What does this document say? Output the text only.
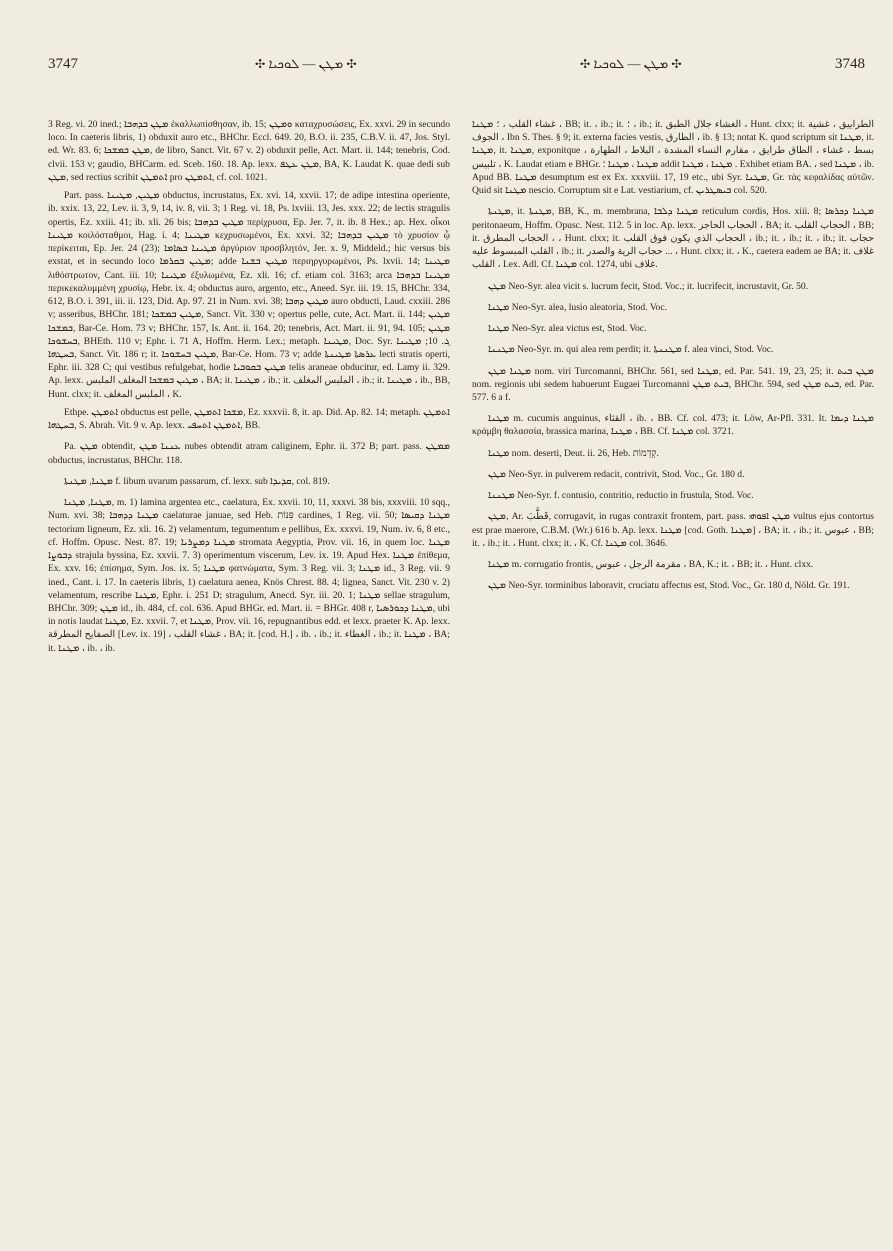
3747	✣ ܡܛܢ — ܠܘܟܝܐ ✣	✣ ܡܛܢ — ܠܘܟܝܐ ✣	3748

3 Reg. vi. 20 ined.; ܡܛܢ ܒܕܗܒܐ ἐκαλλωπίσθησαν, ib. 15; ܘܡܛܢ καταχρυσώσεις, Ex. xxvi. 29 in secundo loco. In caeteris libris, 1) obduxit auro etc., BHChr. Eccl. 649. 20, B.O. ii. 235, C.B.V. ii. 47, Jos. Styl. ed. Wr. 83. 6; ܡܛܢ ܒܡܫܟܐ, de libro, Sanct. Vit. 67 v. 2) obduxit pelle, Act. Mart. ii. 144; tenebris, Cod. clvii. 153 v; gaudio, BHCarm. ed. Sceb. 160. 18. Ap. lexx. ܡܛܢ ܥܛܦ, BA, K. Laudat K. quae dedi sub ܡܛܢ, sed rectius scribit ܐܬܡܛܢ pro ܐܬܡܛܢ, cf. col. 1021.

Part. pass. ܡܛܝܢ, ܡܛܝܢܐ obductus, incrustatus, Ex. xvi. 14, xxvii. 17; de adipe intestina operiente, ib. xxix. 13, 22, Lev. ii. 3, 9, 14, iv. 8, vii. 3; 1 Reg. vi. 18, Ps. lxviii. 13, Jes. xxx. 22; de lectis stragulis opertis, Ez. xxiii. 41; ib. xli. 26 bis; ܡܛܝܢ ܒܕܗܒܐ περίχρυσα, Ep. Jer. 7, it. ib. 8 Hex.; ap. Hex. οἶκοι ܡܛܝܢܐ κοιλόσταθμοι, Hag. i. 4; ܡܛܝܢܐ κεχρυσωμένοι, Ex. xxvi. 32; ܡܛܝܢ ܒܕܗܒܐ τὸ χρυσίον ᾧ περίκειται, Ep. Jer. 24 (23); ܡܛܝܢܐ ܒܣܐܡܐ ἀργύριον προσβλητόν, Jer. x. 9, Middeld.; hic versus bis exstat, et in secundo loco ܡܛܝܢ ܒܩܪܡܐ; adde ܡܛܝܢ ܒܫܢܐ περιηργυρωμένοι, Ps. lxvii. 14; ܡܛܝܢܐ λιθόστρωτον, Cant. iii. 10; ܡܛܝܢܐ ἐξυλωμένα, Ez. xli. 16; cf. etiam col. 3163; arca ܡܛܝܢܐ ܒܕܗܒܐ περικεκαλυμμένη χρυσίῳ, Hebr. ix. 4; obductus auro, argento, etc., Aneed. Syr. iii. 19. 15, BHChr. 334, 612, B.O. i. 391, iii. ii. 123, Did. Ap. 97. 21 in Num. xvi. 38; ܡܛܝܢ ܕܗܒܐ auro obducti, Laud. cxxiii. 286 v; asseribus, BHChr. 181; ܡܛܝܢ ܒܡܫܟܐ, Sanct. Vit. 330 v; opertus pelle, cute, Act. Mart. ii. 144; ܡܛܝܢ ܒܡܫܟܐ, Bar-Ce. Hom. 73 v; BHChr. 157, Is. Ant. ii. 164. 20; tenebris, Act. Mart. ii. 91, 94. 105; ܡܛܝܢ ܒܚܫܘܟܐ, BHEth. 110 v; Ephr. i. 71 A, Hoffm. Herm. Lex.; metaph. ܡܛܝܢܐ, Doc. Syr. ܓ. 10; ܡܛܝܢܐ ܒܚܛܗܐ, Sanct. Vit. 186 r; it. ܡܛܝܢ ܒܚܫܘܟܐ, Bar-Ce. Hom. 73 v; adde ܥܪܣܬܐ ܡܛܝܢܬܐ lecti stratis operti, Ephr. iii. 328 C; qui vestibus refulgebat, hodie ܡܛܝܢ ܒܩܘܒܝܐ telis araneae obducitur, ed. Lamy ii. 329. Ap. lexx. ܡܛܝܢ ܒܡܫܟܐ المغلف الملبس ، BA; it. ܡܛܝܢܐ ، ib.; it. الملبس المغلف ، ib.; it. ܡܛܝܢܐ ، ib., BB, Hunt. clxx; it. الملبس المغلف ، K.

Ethpe. ܐܬܡܛܢ obductus est pelle, ܡܫܟܐ ܐܬܡܛܢ, Ez. xxxvii. 8, it. ap. Did. Ap. 82. 14; metaph. ܐܬܡܛܢ ܒܚܛܗܐ, S. Abrah. Vit. 9 v. Ap. lexx. ܐܬܡܛܢ ܐܬܚܦܝ, BB.

Pa. ܡܛܢ obtendit, ܥܢܢܐ ܡܛܢ nubes obtendit atram caliginem, Ephr. ii. 372 B; part. pass. ܡܡܛܢ obductus, incrustatus, BHChr. 118.

ܡܛܢܐ, ܡܛܢܬܐ f. libum uvarum passarum, cf. lexx. sub ܩܕܝܕܐ, col. 819.

ܡܛܢܐ, ܡܛܢܐ, m. 1) lamina argentea etc., caelatura, Ex. xxvii. 10, 11, xxxvi. 38 bis, xxxviii. 10 sqq., Num. xvi. 38; ܡܛܢܐ ܕܕܗܒܐ caelaturae januae, sed Heb. ‏פִּנּוֹת‏ cardines, 1 Reg. vii. 50; ܡܛܢܐ ܕܩܝܣܐ tectorium ligneum, Ez. xli. 16. 2) velamentum, tegumentum e pellibus, Ex. xxxvi. 19, Num. iv. 6, 8 etc., cf. Hoffm. Opusc. Nest. 87. 19; ܡܛܢܐ ܕܡܨܪܝܐ stromata Aegyptia, Prov. vii. 16, in quem loc. ܡܛܢܐ ܕܒܘܨܐ strajula byssina, Ez. xxvii. 7. 3) operimentum viscerum, Lev. ix. 19. Apud Hex. ܡܛܢܐ ἐπίθεμα, Ex. xxv. 16; ἐπίσημα, Sym. Jos. ix. 5; ܡܛܢܐ φατνώματα, Sym. 3 Reg. vii. 3; ܡܛܢܐ id., 3 Reg. vii. 9 ined., Cant. i. 17. In caeteris libris, 1) caelatura aenea, Knös Chrest. 88. 4; lignea, Sanct. Vit. 230 v. 2) velamentum, rescribe ܡܛܢܐ, Ephr. i. 251 D; stragulum, Anecd. Syr. iii. 20. 1; ܡܛܢܐ sellae stragulum, BHChr. 309; ܡܛܢ id., ib. 484, cf. col. 636. Apud BHGr. ed. Mart. ii. = BHGr. 408 r, ܡܛܢܐ ܕܟܘܪܣܝܐ, ubi in notis laudat ܡܛܢܐ, Ez. xxvii. 7, et ܡܛܢܐ, Prov. vii. 16, repugnantibus edd. et lexx. praeter K. Ap. lexx. الصفايح المطرقة [Lev. ix. 19] ، غشاء القلب ، BA; it. [cod. H.] ، ib. ، ib.; it. الغطاء ، ib.; it. ܡܛܢܐ ، BA; it. ܡܛܢܐ ، ib. ، ib.

غشاء القلب ، ؛ ܡܛܢܐ ، BB; it. ، ib.; it. ؛ ، ib.; it. الغشاء جلال الطبق ، Hunt. clxx; it. الطراييق ، غشية الجوف ، Ibn S. Thes. § 9; it. externa facies vestis, الطارق ، ib. § 13; notat K. quod scriptum sit ܡܛܢܐ, it. ܡܛܢܐ, it. ܡܛܢܐ, exponitque بسط ، غشاء ، الطاق طرايق ، مقارم النساء المشدة ، البلاط ، الطهارة ، تلبيس ، K. Laudat etiam e BHGr. ܡܛܢܐ ، ܡܛܢܐ ؛ addit ܡܛܢܐ ، ܡܛܢܐ . Exhibet etiam BA. ، sed ܡܛܢܐ ، ib. Apud BB. ܡܛܢܐ desumptum est ex Ex. xxxviii. 17, 19 etc., ubi Syr. ܡܛܢܐ, Gr. τὰς κεφαλίδας αὐτῶν. Quid sit ܡܛܢܐ nescio. Corruptum sit e Lat. vestiarium, cf. ܒܝܣܛܪܝܢ col. 520.

ܡܛܢܬܐ, it. ܡܛܢܬܐ, BB, K., m. membrana, ܡܛܢܐ ܕܠܒܐ reticulum cordis, Hos. xiii. 8; ܡܛܢܐ ܕܟܪܣܐ peritonaeum, Hoffm. Opusc. Nest. 112. 5 in loc. Ap. lexx. الحجاب الحاجز ، BA; it. الحجاب القلب ، BB; it. الحجاب المطرق ، ، Hunt. clxx; it. الحجاب الذي يكون فوق القلب ، ib.; it. ، ib.; it. ، ib.; it. حجاب القلب المبسوط عليه ، ib.; it. حجاب الرية والصدر ... ، Hunt. clxx; it. ، K., caetera eadem ae BA; it. غلاف القلب ، Lex. Adl. Cf. ܡܛܢܐ col. 1274, ubi غلاف.

ܡܛܢ Neo-Syr. alea vicit s. lucrum fecit, Stod. Voc.; it. lucrifecit, incrustavit, Gr. 50.

ܡܛܢܐ Neo-Syr. alea, lusio aleatoria, Stod. Voc.

ܡܛܢܐ Neo-Syr. alea victus est, Stod. Voc.

ܡܛܢܢܐ Neo-Syr. m. qui alea rem perdit; it. ܡܛܢܢܬܐ f. alea vinci, Stod. Voc.

ܡܛܢܐ ܡܛܢ nom. viri Turcomanni, BHChr. 561, sed ܡܛܢܐ, ed. Par. 541. 19, 23, 25; it. ܡܛܢ ܒܝܬ nom. regionis ubi sedem habuerunt Eugaei Turcomanni ܒܝܬ ܡܛܢ, BHChr. 594, sed ܒܝܬ ܡܛܢ, ed. Par. 577. 6 a f.

ܡܛܢܐ m. cucumis anguinus, القثاء ، ib. ، BB. Cf. col. 473; it. Löw, Ar-Pfl. 331. It. ܡܛܢܐ ܕܝܡܐ κράμβη θαλασσία, brassica marina, ܡܛܢܐ ، BB. Cf. ܡܛܢܐ col. 3721.

ܡܛܢܐ nom. deserti, Deut. ii. 26, Heb. ‏קְדֵמוֹת‏.

ܡܛܢ Neo-Syr. in pulverem redacit, contrivit, Stod. Voc., Gr. 180 d.

ܡܛܢܢܐ Neo-Syr. f. contusio, contritio, reductio in frustula, Stod. Voc.

ܡܛܢ, Ar. قَطَّبَ, corrugavit, in rugas contraxit frontem, part. pass. ܡܛܢ ܐܦܘܗܝ vultus ejus contortus est prae maerore, C.B.M. (Wr.) 616 b. Ap. lexx. ܡܛܢܐ [cod. Goth. ܡܛܢܐ] ، BA; it. ، ib.; it. عبوس ، BB; it. ، ib.; it. ، Hunt. clxx; it. ، K. Cf. ܡܛܢܐ col. 3646.

ܡܛܢܐ m. corrugatio frontis, مقرمة الرجل ، عبوس ، BA, K.; it. ، BB; it. ، Hunt. clxx.

ܡܛܢ Neo-Syr. torminibus laboravit, cruciatu affectus est, Stod. Voc., Gr. 180 d, Nöld. Gr. 191.
